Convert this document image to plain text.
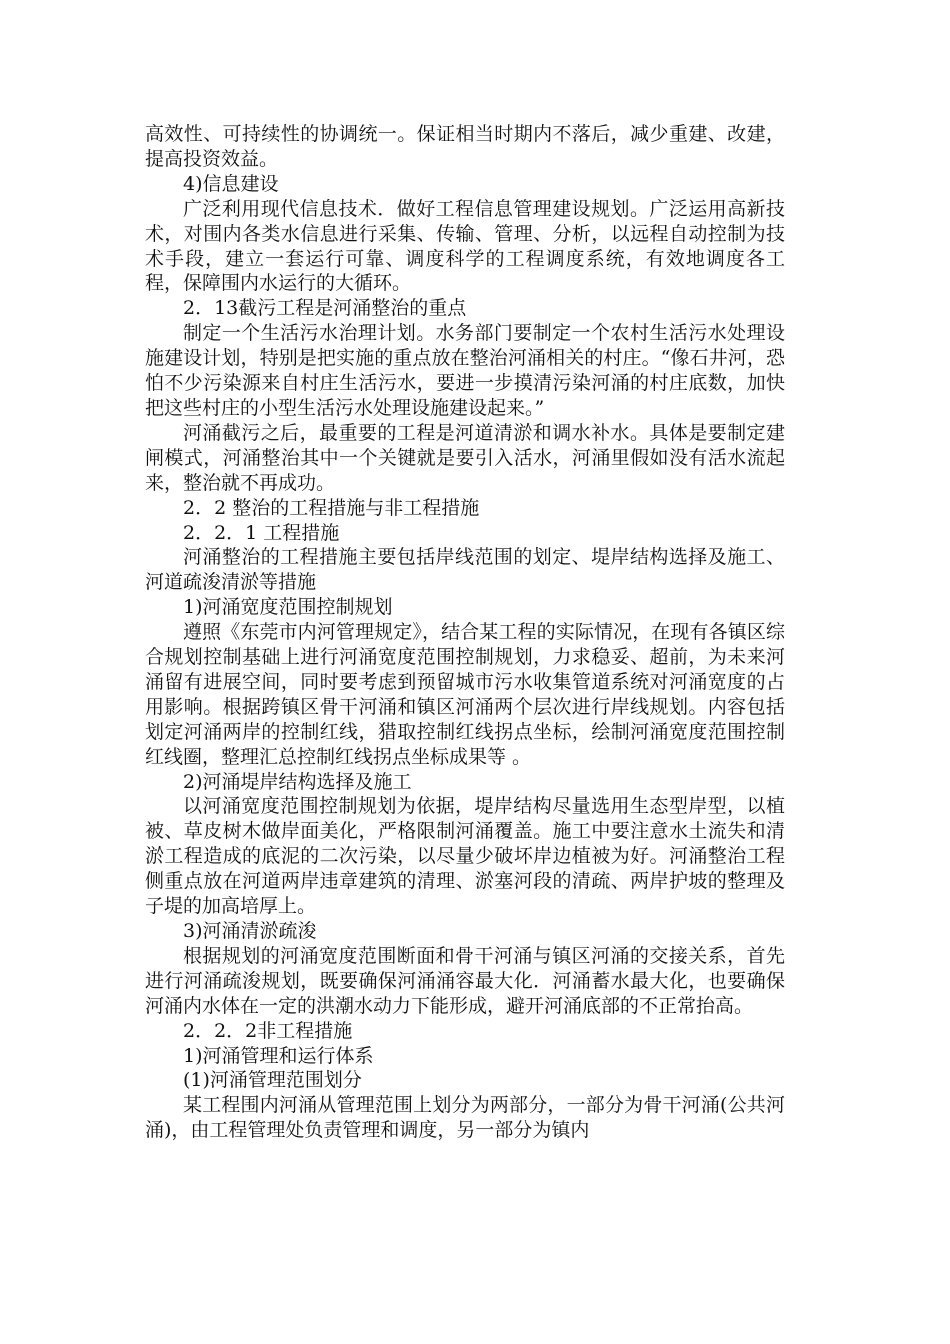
高效性、可持续性的协调统一。保证相当时期内不落后，减少重建、改建，提高投资效益。

4)信息建设

广泛利用现代信息技术．做好工程信息管理建设规划。广泛运用高新技术，对围内各类水信息进行采集、传输、管理、分析，以远程自动控制为技术手段，建立一套运行可靠、调度科学的工程调度系统，有效地调度各工程，保障围内水运行的大循环。

2．13截污工程是河涌整治的重点

制定一个生活污水治理计划。水务部门要制定一个农村生活污水处理设施建设计划，特别是把实施的重点放在整治河涌相关的村庄。“像石井河，恐怕不少污染源来自村庄生活污水，要进一步摸清污染河涌的村庄底数，加快把这些村庄的小型生活污水处理设施建设起来。”

河涌截污之后，最重要的工程是河道清淤和调水补水。具体是要制定建闸模式，河涌整治其中一个关键就是要引入活水，河涌里假如没有活水流起来，整治就不再成功。

2．2 整治的工程措施与非工程措施

2．2．1 工程措施

河涌整治的工程措施主要包括岸线范围的划定、堤岸结构选择及施工、河道疏浚清淤等措施

1)河涌宽度范围控制规划

遵照《东莞市内河管理规定》，结合某工程的实际情况，在现有各镇区综合规划控制基础上进行河涌宽度范围控制规划，力求稳妥、超前，为未来河涌留有进展空间，同时要考虑到预留城市污水收集管道系统对河涌宽度的占用影响。根据跨镇区骨干河涌和镇区河涌两个层次进行岸线规划。内容包括划定河涌两岸的控制红线，猎取控制红线拐点坐标，绘制河涌宽度范围控制红线圈，整理汇总控制红线拐点坐标成果等 。

2)河涌堤岸结构选择及施工

以河涌宽度范围控制规划为依据，堤岸结构尽量选用生态型岸型，以植被、草皮树木做岸面美化，严格限制河涌覆盖。施工中要注意水土流失和清淤工程造成的底泥的二次污染，以尽量少破坏岸边植被为好。河涌整治工程侧重点放在河道两岸违章建筑的清理、淤塞河段的清疏、两岸护坡的整理及子堤的加高培厚上。

3)河涌清淤疏浚

根据规划的河涌宽度范围断面和骨干河涌与镇区河涌的交接关系，首先进行河涌疏浚规划，既要确保河涌涌容最大化．河涌蓄水最大化，也要确保河涌内水体在一定的洪潮水动力下能形成，避开河涌底部的不正常抬高。

2．2．2非工程措施

1)河涌管理和运行体系

(1)河涌管理范围划分

某工程围内河涌从管理范围上划分为两部分，一部分为骨干河涌(公共河涌)，由工程管理处负责管理和调度，另一部分为镇内
